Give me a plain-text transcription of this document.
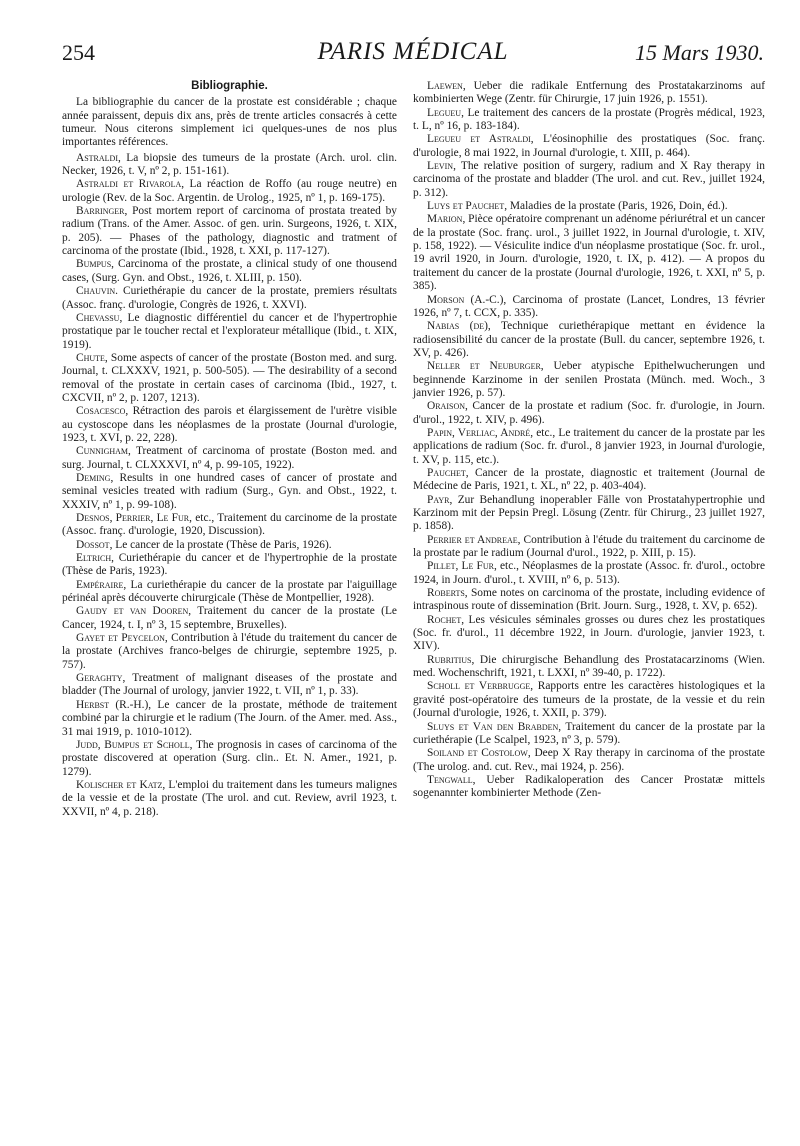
254	PARIS MÉDICAL	15 Mars 1930.
Bibliographie.

La bibliographie du cancer de la prostate est considérable ; chaque année paraissent, depuis dix ans, près de trente articles consacrés à cette tumeur. Nous citerons simplement ici quelques-unes de nos plus importantes références.

Astraldi, La biopsie des tumeurs de la prostate (Arch. urol. clin. Necker, 1926, t. V, nº 2, p. 151-161).

Astraldi et Rivarola, La réaction de Roffo (au rouge neutre) en urologie (Rev. de la Soc. Argentin. de Urolog., 1925, nº 1, p. 169-175).

Barringer, Post mortem report of carcinoma of prostata treated by radium (Trans. of the Amer. Assoc. of gen. urin. Surgeons, 1926, t. XIX, p. 205). — Phases of the pathology, diagnostic and tratment of carcinoma of the prostate (Ibid., 1928, t. XXI, p. 117-127).

Bumpus, Carcinoma of the prostate, a clinical study of one thousend cases, (Surg. Gyn. and Obst., 1926, t. XLIII, p. 150).

Chauvin. Curiethérapie du cancer de la prostate, premiers résultats (Assoc. franç. d'urologie, Congrès de 1926, t. XXVI).

Chevassu, Le diagnostic différentiel du cancer et de l'hypertrophie prostatique par le toucher rectal et l'explorateur métallique (Ibid., t. XIX, 1919).

Chute, Some aspects of cancer of the prostate (Boston med. and surg. Journal, t. CLXXXV, 1921, p. 500-505). — The desirability of a second removal of the prostate in certain cases of carcinoma (Ibid., 1927, t. CXCVII, nº 2, p. 1207, 1213).

Cosacesco, Rétraction des parois et élargissement de l'urètre visible au cystoscope dans les néoplasmes de la prostate (Journal d'urologie, 1923, t. XVI, p. 22, 228).

Cunnigham, Treatment of carcinoma of prostate (Boston med. and surg. Journal, t. CLXXXVI, nº 4, p. 99-105, 1922).

Deming, Results in one hundred cases of cancer of prostate and seminal vesicles treated with radium (Surg., Gyn. and Obst., 1922, t. XXXIV, nº 1, p. 99-108).

Desnos, Perrier, Le Fur, etc., Traitement du carcinome de la prostate (Assoc. franç. d'urologie, 1920, Discussion).

Dossot, Le cancer de la prostate (Thèse de Paris, 1926).

Eltrich, Curiethérapie du cancer et de l'hypertrophie de la prostate (Thèse de Paris, 1923).

Empéraire, La curiethérapie du cancer de la prostate par l'aiguillage périnéal après découverte chirurgicale (Thèse de Montpellier, 1928).

Gaudy et van Dooren, Traitement du cancer de la prostate (Le Cancer, 1924, t. I, nº 3, 15 septembre, Bruxelles).

Gayet et Peycelon, Contribution à l'étude du traitement du cancer de la prostate (Archives franco-belges de chirurgie, septembre 1925, p. 757).

Geraghty, Treatment of malignant diseases of the prostate and bladder (The Journal of urology, janvier 1922, t. VII, nº 1, p. 33).

Herbst (R.-H.), Le cancer de la prostate, méthode de traitement combiné par la chirurgie et le radium (The Journ. of the Amer. med. Ass., 31 mai 1919, p. 1010-1012).

Judd, Bumpus et Scholl, The prognosis in cases of carcinoma of the prostate discovered at operation (Surg. clin.. Et. N. Amer., 1921, p. 1279).

Kolischer et Katz, L'emploi du traitement dans les tumeurs malignes de la vessie et de la prostate (The urol. and cut. Review, avril 1923, t. XXVII, nº 4, p. 218).

Laewen, Ueber die radikale Entfernung des Prostatakarzinoms auf kombinierten Wege (Zentr. für Chirurgie, 17 juin 1926, p. 1551).

Legueu, Le traitement des cancers de la prostate (Progrès médical, 1923, t. L, nº 16, p. 183-184).

Legueu et Astraldi, L'éosinophilie des prostatiques (Soc. franç. d'urologie, 8 mai 1922, in Journal d'urologie, t. XIII, p. 464).

Levin, The relative position of surgery, radium and X Ray therapy in carcinoma of the prostate and bladder (The urol. and cut. Rev., juillet 1924, p. 312).

Luys et Pauchet, Maladies de la prostate (Paris, 1926, Doin, éd.).

Marion, Pièce opératoire comprenant un adénome périurétral et un cancer de la prostate (Soc. franç. urol., 3 juillet 1922, in Journal d'urologie, t. XIV, p. 158, 1922). — Vésiculite indice d'un néoplasme prostatique (Soc. fr. urol., 19 avril 1920, in Journ. d'urologie, 1920, t. IX, p. 412). — A propos du traitement du cancer de la prostate (Journal d'urologie, 1926, t. XXI, nº 5, p. 385).

Morson (A.-C.), Carcinoma of prostate (Lancet, Londres, 13 février 1926, nº 7, t. CCX, p. 335).

Nabias (de), Technique curiethérapique mettant en évidence la radiosensibilité du cancer de la prostate (Bull. du cancer, septembre 1926, t. XV, p. 426).

Neller et Neuburger, Ueber atypische Epithelwucherungen und beginnende Karzinome in der senilen Prostata (Münch. med. Woch., 3 janvier 1926, p. 57).

Oraison, Cancer de la prostate et radium (Soc. fr. d'urologie, in Journ. d'urol., 1922, t. XIV, p. 496).

Papin, Verliac, André, etc., Le traitement du cancer de la prostate par les applications de radium (Soc. fr. d'urol., 8 janvier 1923, in Journal d'urologie, t. XV, p. 115, etc.).

Pauchet, Cancer de la prostate, diagnostic et traitement (Journal de Médecine de Paris, 1921, t. XL, nº 22, p. 403-404).

Payr, Zur Behandlung inoperabler Fälle von Prostatahypertrophie und Karzinom mit der Pepsin Pregl. Lösung (Zentr. für Chirurg., 23 juillet 1927, p. 1858).

Perrier et Andreae, Contribution à l'étude du traitement du carcinome de la prostate par le radium (Journal d'urol., 1922, p. XIII, p. 15).

Pillet, Le Fur, etc., Néoplasmes de la prostate (Assoc. fr. d'urol., octobre 1924, in Journ. d'urol., t. XVIII, nº 6, p. 513).

Roberts, Some notes on carcinoma of the prostate, including evidence of intraspinous route of dissemination (Brit. Journ. Surg., 1928, t. XV, p. 652).

Rochet, Les vésicules séminales grosses ou dures chez les prostatiques (Soc. fr. d'urol., 11 décembre 1922, in Journ. d'urologie, janvier 1923, t. XIV).

Rubritius, Die chirurgische Behandlung des Prostatacarzinoms (Wien. med. Wochenschrift, 1921, t. LXXI, nº 39-40, p. 1722).

Scholl et Verbrugge, Rapports entre les caractères histologiques et la gravité post-opératoire des tumeurs de la prostate, de la vessie et du rein (Journal d'urologie, 1926, t. XXII, p. 379).

Sluys et Van den Brabden, Traitement du cancer de la prostate par la curiethérapie (Le Scalpel, 1923, nº 3, p. 579).

Soiland et Costolow, Deep X Ray therapy in carcinoma of the prostate (The urolog. and. cut. Rev., mai 1924, p. 256).

Tengwall, Ueber Radikaloperation des Cancer Prostatæ mittels sogenannter kombinierter Methode (Zen-
